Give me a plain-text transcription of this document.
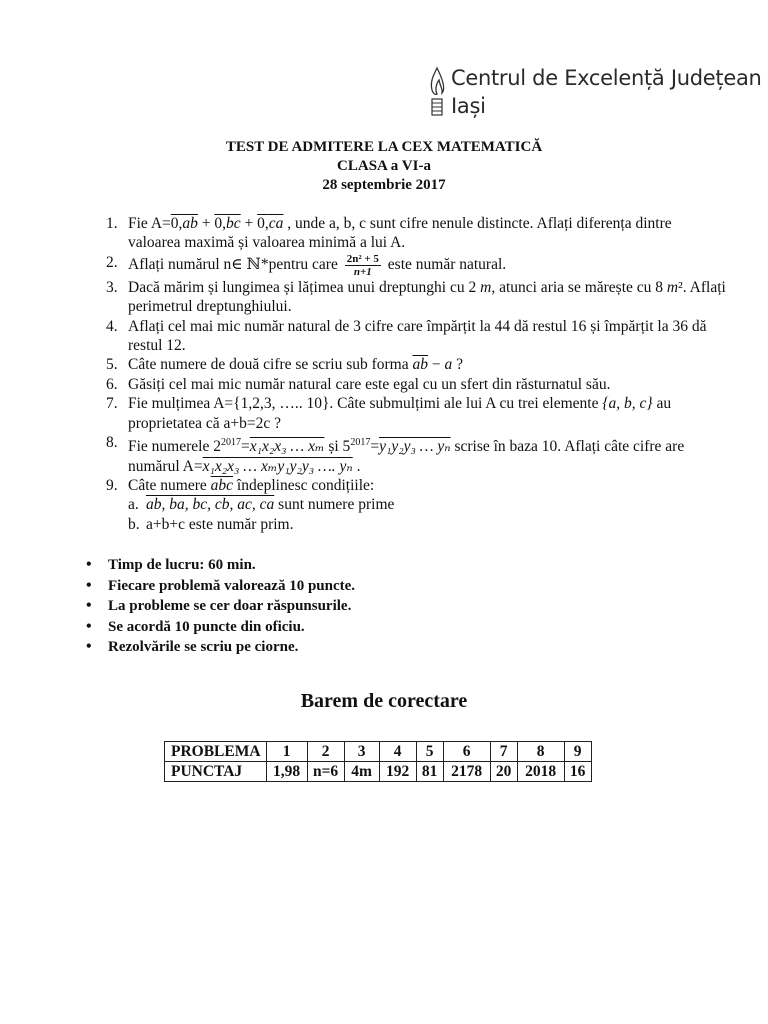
Centrul de Excelență Județean
Iași
TEST DE ADMITERE LA CEX MATEMATICĂ
CLASA a VI-a
28 septembrie 2017
1. Fie A=0,ab + 0,bc + 0,ca , unde a, b, c sunt cifre nenule distincte. Aflați diferența dintre valoarea maximă și valoarea minimă a lui A.
2. Aflați numărul n∈ ℕ*pentru care $\frac{\text{2n² + 5}}{n+1}$ este număr natural.
3. Dacă mărim și lungimea și lățimea unui dreptunghi cu 2 m, atunci aria se mărește cu 8 m². Aflați perimetrul dreptunghiului.
4. Aflați cel mai mic număr natural de 3 cifre care împărțit la 44 dă restul 16 și împărțit la 36 dă restul 12.
5. Câte numere de două cifre se scriu sub forma $\overline{ab} - a$ ?
6. Găsiți cel mai mic număr natural care este egal cu un sfert din răsturnatul său.
7. Fie mulțimea A={1,2,3, ….. 10}. Câte submulțimi ale lui A cu trei elemente {a, b, c} au proprietatea că a+b=2c ?
8. Fie numerele $2^{2017}=x_1x_2x_3$ … xₘ și $5^{2017}=y_1y_2y_3$ … yₙ scrise în baza 10. Aflați câte cifre are numărul A=x₁x₂x₃ … xₘy₁y₂y₃ …. yₙ .
9. Câte numere $\overline{abc}$ îndeplinesc condițiile:
a. ab, ba, bc, cb, ac, ca sunt numere prime
b. a+b+c este număr prim.
• Timp de lucru: 60 min.
• Fiecare problemă valorează 10 puncte.
• La probleme se cer doar răspunsurile.
• Se acordă 10 puncte din oficiu.
• Rezolvările se scriu pe ciorne.
Barem de corectare
PROBLEMA	1	2	3	4	5	6	7	8	9
PUNCTAJ	1,98	n=6	4m	192	81	2178	20	2018	16
